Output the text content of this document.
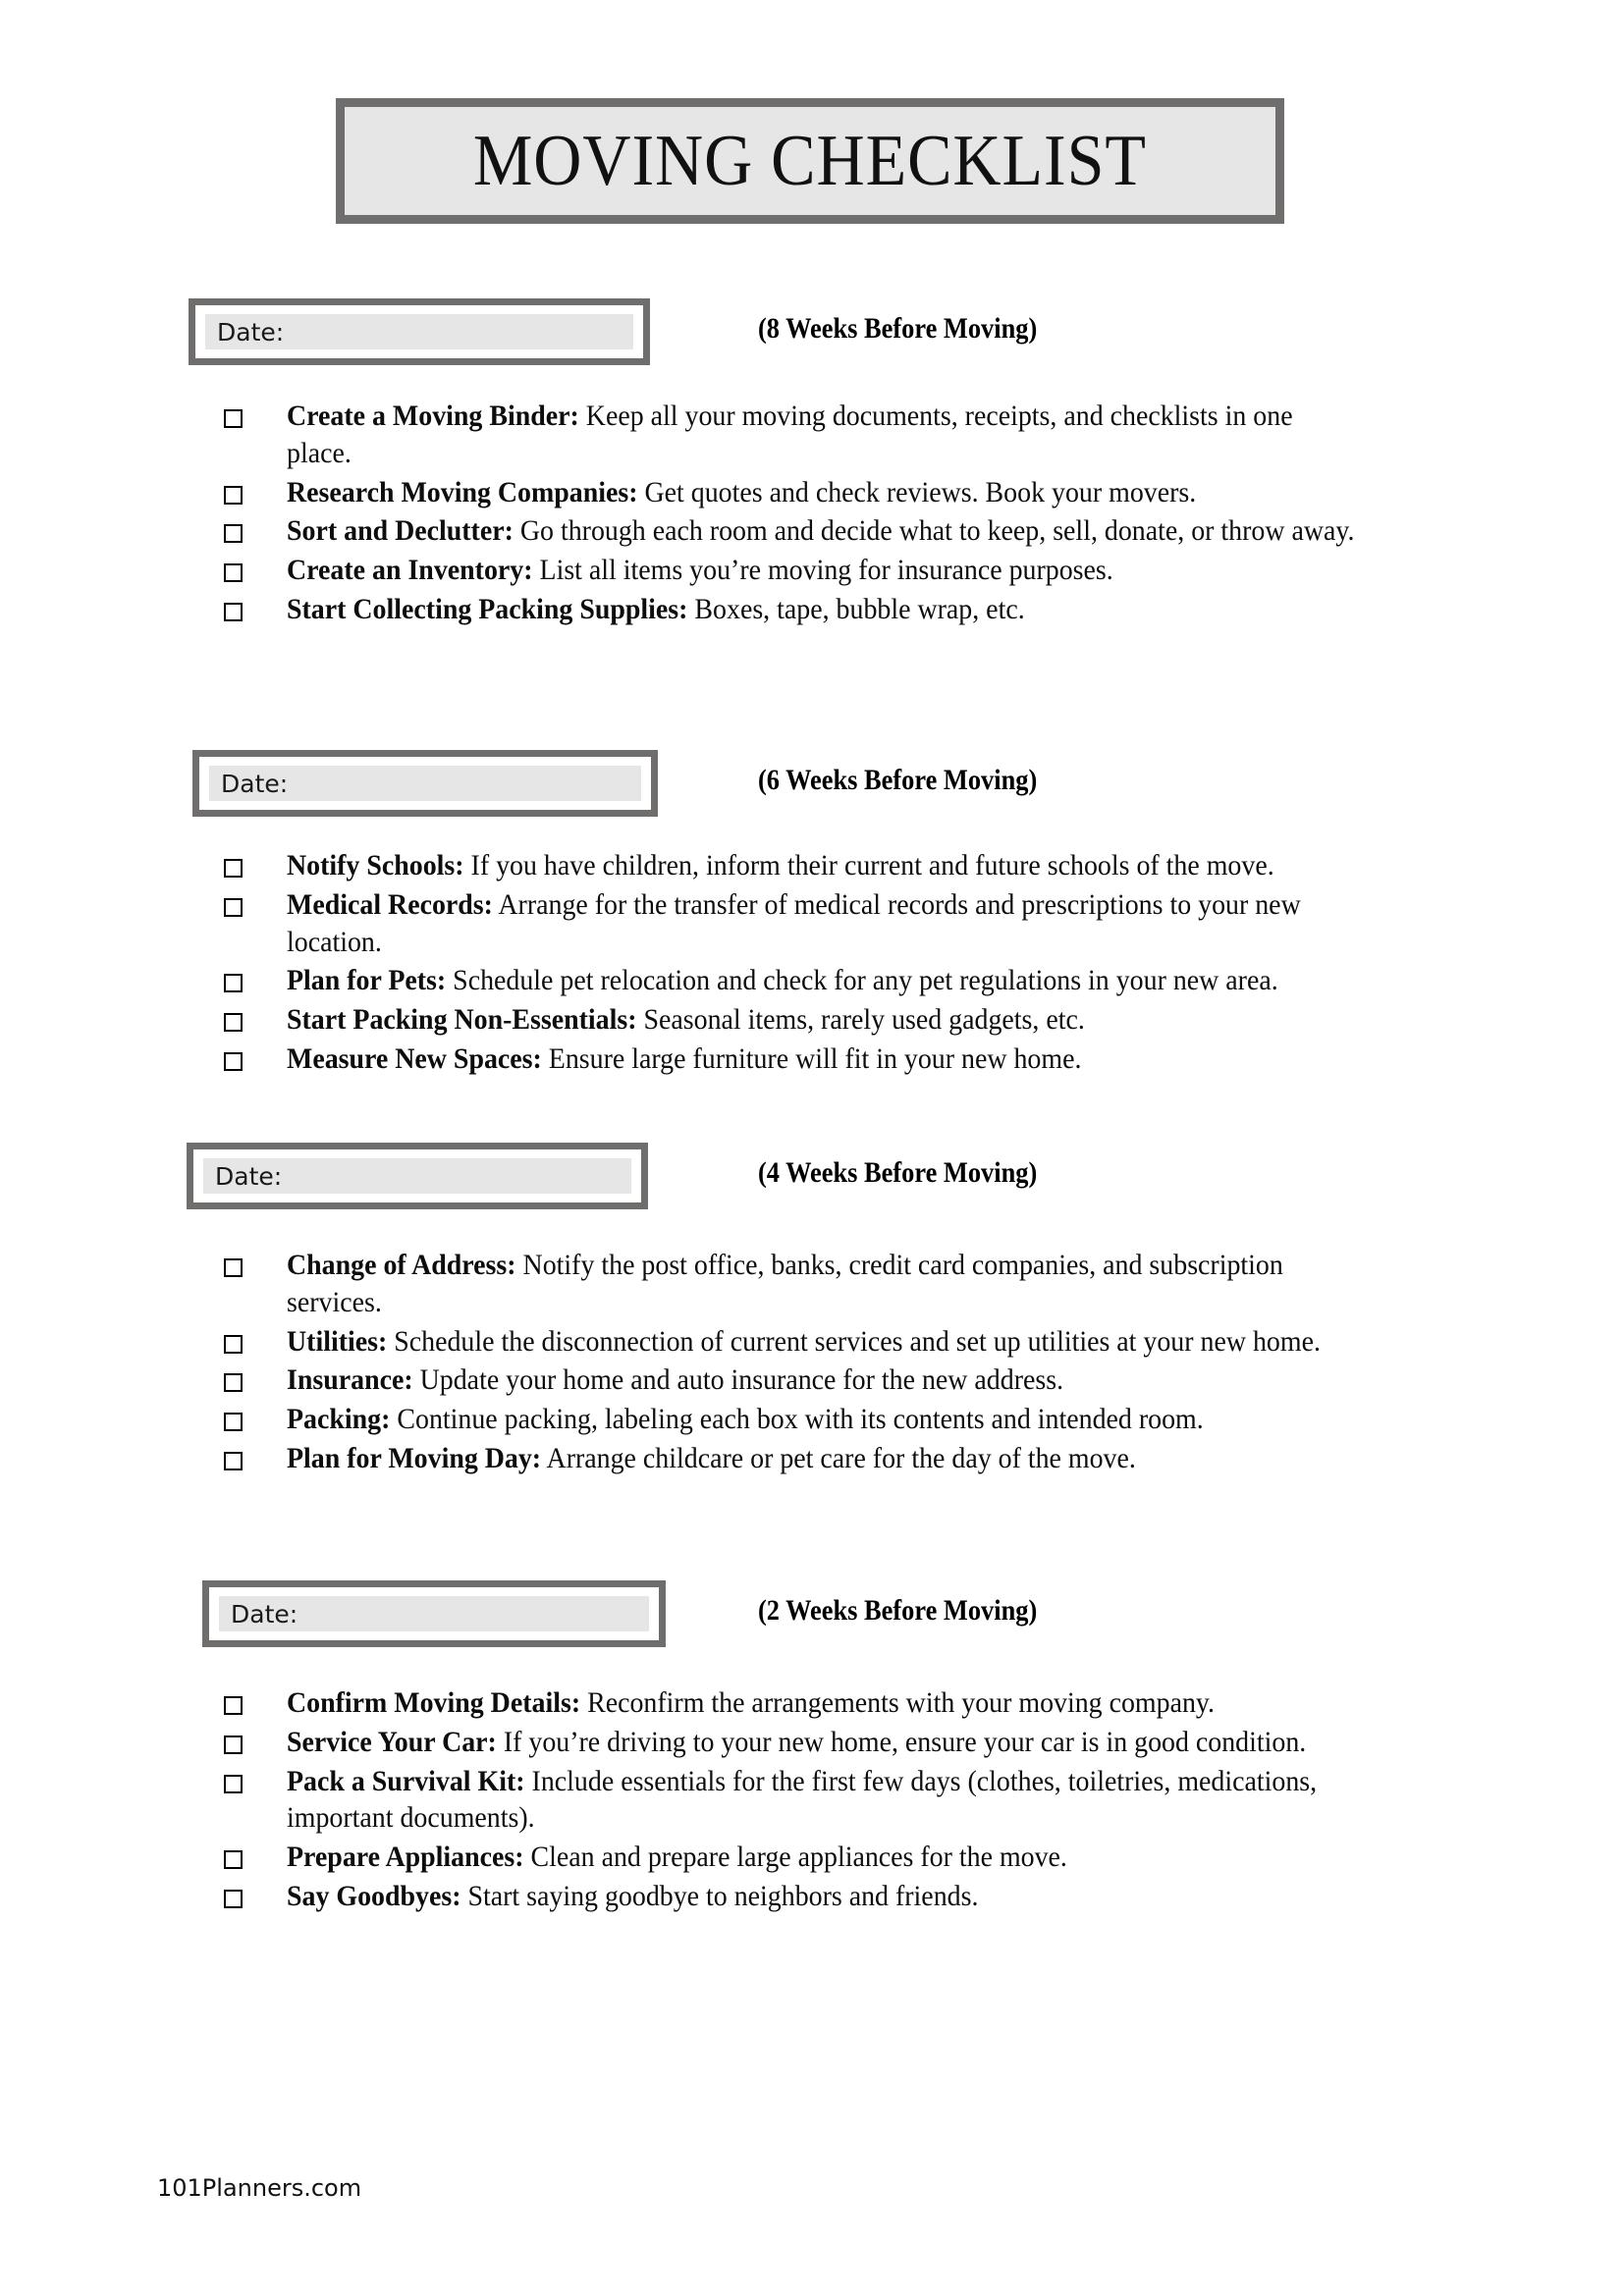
MOVING CHECKLIST
Date:	(8 Weeks Before Moving)
Create a Moving Binder: Keep all your moving documents, receipts, and checklists in one place.
Research Moving Companies: Get quotes and check reviews. Book your movers.
Sort and Declutter: Go through each room and decide what to keep, sell, donate, or throw away.
Create an Inventory: List all items you’re moving for insurance purposes.
Start Collecting Packing Supplies: Boxes, tape, bubble wrap, etc.
Date:	(6 Weeks Before Moving)
Notify Schools: If you have children, inform their current and future schools of the move.
Medical Records: Arrange for the transfer of medical records and prescriptions to your new location.
Plan for Pets: Schedule pet relocation and check for any pet regulations in your new area.
Start Packing Non-Essentials: Seasonal items, rarely used gadgets, etc.
Measure New Spaces: Ensure large furniture will fit in your new home.
Date:	(4 Weeks Before Moving)
Change of Address: Notify the post office, banks, credit card companies, and subscription services.
Utilities: Schedule the disconnection of current services and set up utilities at your new home.
Insurance: Update your home and auto insurance for the new address.
Packing: Continue packing, labeling each box with its contents and intended room.
Plan for Moving Day: Arrange childcare or pet care for the day of the move.
Date:	(2 Weeks Before Moving)
Confirm Moving Details: Reconfirm the arrangements with your moving company.
Service Your Car: If you’re driving to your new home, ensure your car is in good condition.
Pack a Survival Kit: Include essentials for the first few days (clothes, toiletries, medications, important documents).
Prepare Appliances: Clean and prepare large appliances for the move.
Say Goodbyes: Start saying goodbye to neighbors and friends.
101Planners.com
